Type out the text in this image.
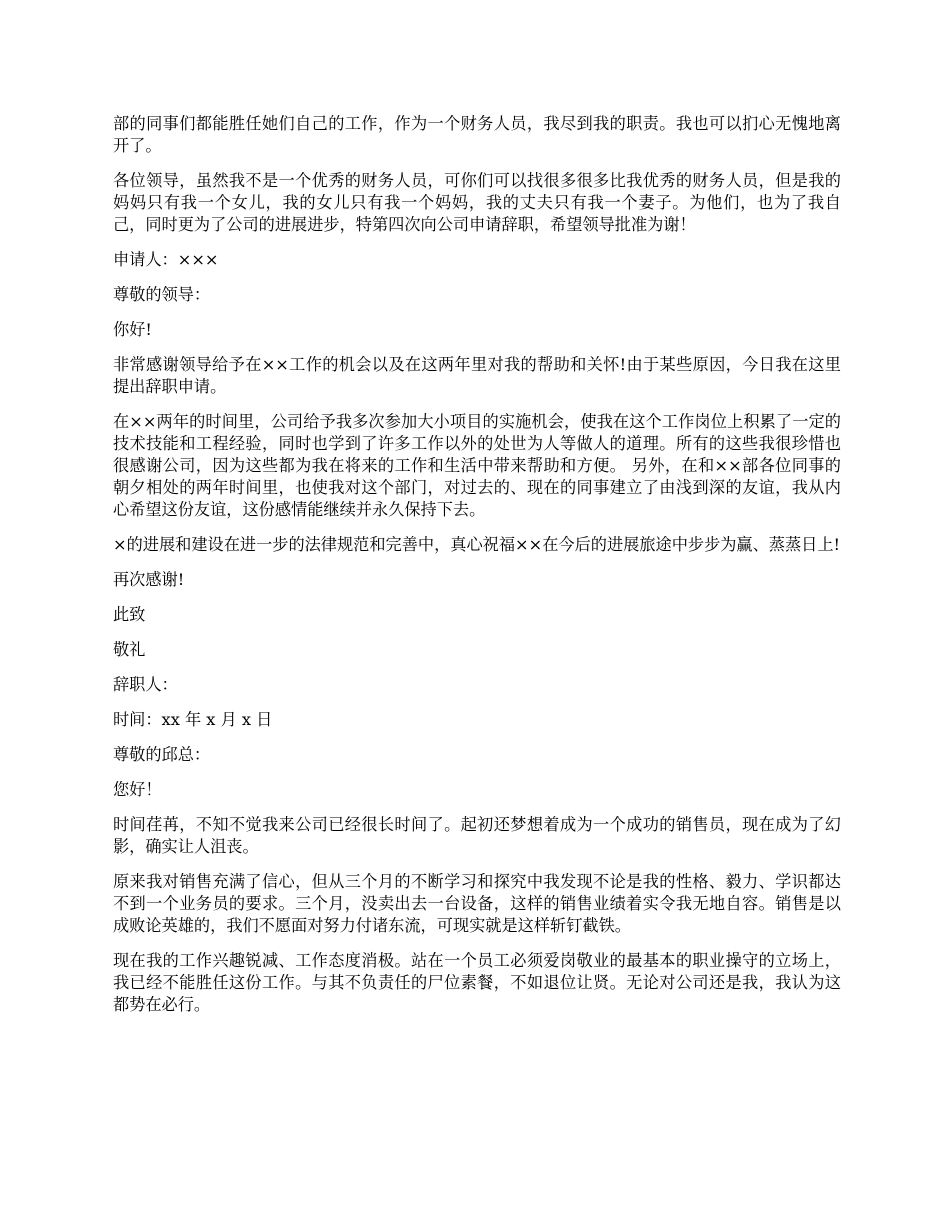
部的同事们都能胜任她们自己的工作，作为一个财务人员，我尽到我的职责。我也可以扪心无愧地离开了。

各位领导，虽然我不是一个优秀的财务人员，可你们可以找很多很多比我优秀的财务人员，但是我的妈妈只有我一个女儿，我的女儿只有我一个妈妈，我的丈夫只有我一个妻子。为他们，也为了我自己，同时更为了公司的进展进步，特第四次向公司申请辞职，希望领导批准为谢！

申请人：×××

尊敬的领导：

你好!

非常感谢领导给予在××工作的机会以及在这两年里对我的帮助和关怀!由于某些原因，今日我在这里提出辞职申请。

在××两年的时间里，公司给予我多次参加大小项目的实施机会，使我在这个工作岗位上积累了一定的技术技能和工程经验，同时也学到了许多工作以外的处世为人等做人的道理。所有的这些我很珍惜也很感谢公司，因为这些都为我在将来的工作和生活中带来帮助和方便。 另外，在和××部各位同事的朝夕相处的两年时间里，也使我对这个部门，对过去的、现在的同事建立了由浅到深的友谊，我从内心希望这份友谊，这份感情能继续并永久保持下去。

×的进展和建设在进一步的法律规范和完善中，真心祝福××在今后的进展旅途中步步为赢、蒸蒸日上!

再次感谢!

此致

敬礼

辞职人：

时间：xx 年 x 月 x 日

尊敬的邱总：

您好！

时间荏苒，不知不觉我来公司已经很长时间了。起初还梦想着成为一个成功的销售员，现在成为了幻影，确实让人沮丧。

原来我对销售充满了信心，但从三个月的不断学习和探究中我发现不论是我的性格、毅力、学识都达不到一个业务员的要求。三个月，没卖出去一台设备，这样的销售业绩着实令我无地自容。销售是以成败论英雄的，我们不愿面对努力付诸东流，可现实就是这样斩钉截铁。

现在我的工作兴趣锐减、工作态度消极。站在一个员工必须爱岗敬业的最基本的职业操守的立场上，我已经不能胜任这份工作。与其不负责任的尸位素餐，不如退位让贤。无论对公司还是我，我认为这都势在必行。
